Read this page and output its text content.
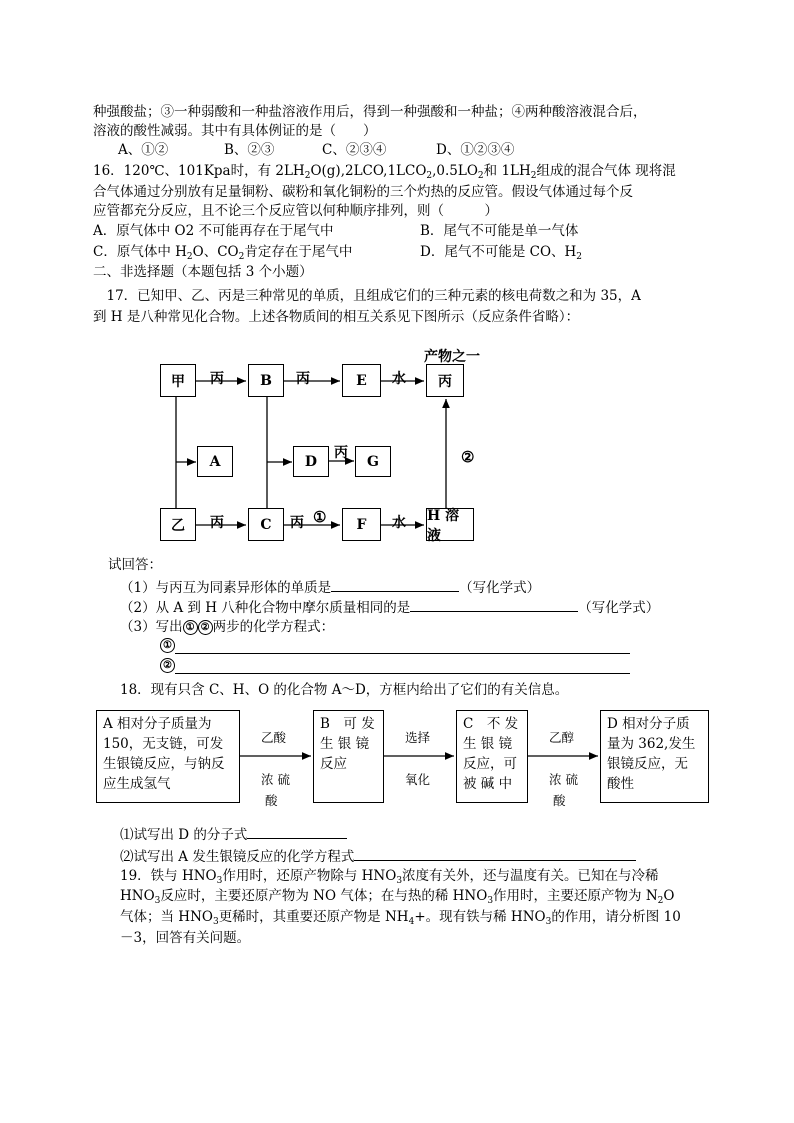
种强酸盐；③一种弱酸和一种盐溶液作用后，得到一种强酸和一种盐；④两种酸溶液混合后，
溶液的酸性减弱。其中有具体例证的是（　　）
A、①②	B、②③	C、②③④	D、①②③④
16．120℃、101Kpa时，有 $2LH_2O(g),2LCO,1LCO_2,0.5LO_2$和 $1LH_2$组成的混合气体 现将混
合气体通过分别放有足量铜粉、碳粉和氧化铜粉的三个灼热的反应管。假设气体通过每个反
应管都充分反应，且不论三个反应管以何种顺序排列，则（　　　）
A．原气体中 O2 不可能再存在于尾气中	B．尾气不可能是单一气体
C．原气体中 $H_2O$、$CO_2$肯定存在于尾气中	D．尾气不可能是 CO、$H_2$
二、非选择题（本题包括 3 个小题）
　17．已知甲、乙、丙是三种常见的单质，且组成它们的三种元素的核电荷数之和为 35，A
到 H 是八种常见化合物。上述各物质间的相互关系见下图所示（反应条件省略）：
甲	B	E	丙
A	D	G
乙	C	F
H 溶液
丙	丙	水
产物之一
丙
丙	丙 ①	水
②
试回答：
（1）与丙互为同素异形体的单质是	（写化学式）
（2）从 A 到 H 八种化合物中摩尔质量相同的是	（写化学式）
（3）写出 ① ② 两步的化学方程式：
①
②
18．现有只含 C、H、O 的化合物 A～D，方框内给出了它们的有关信息。
A 相对分子质量为
150，无支链，可发
生银镜反应，与钠反
应生成氢气
B　可 发
生 银 镜
反应
C　不 发
生 银 镜
反应，可
被 碱 中
D 相对分子质
量为 362,发生
银镜反应，无
酸性
乙酸
浓 硫
酸
选择
氧化
乙醇
浓 硫
酸
⑴试写出 D 的分子式
⑵试写出 A 发生银镜反应的化学方程式
19．铁与 $HNO_3$作用时，还原产物除与 $HNO_3$浓度有关外，还与温度有关。已知在与冷稀
$HNO_3$反应时，主要还原产物为 NO 气体；在与热的稀 $HNO_3$作用时，主要还原产物为 $N_2O$
气体；当 $HNO_3$更稀时，其重要还原产物是 $NH_4+$。现有铁与稀 $HNO_3$的作用，请分析图 10
－3，回答有关问题。
